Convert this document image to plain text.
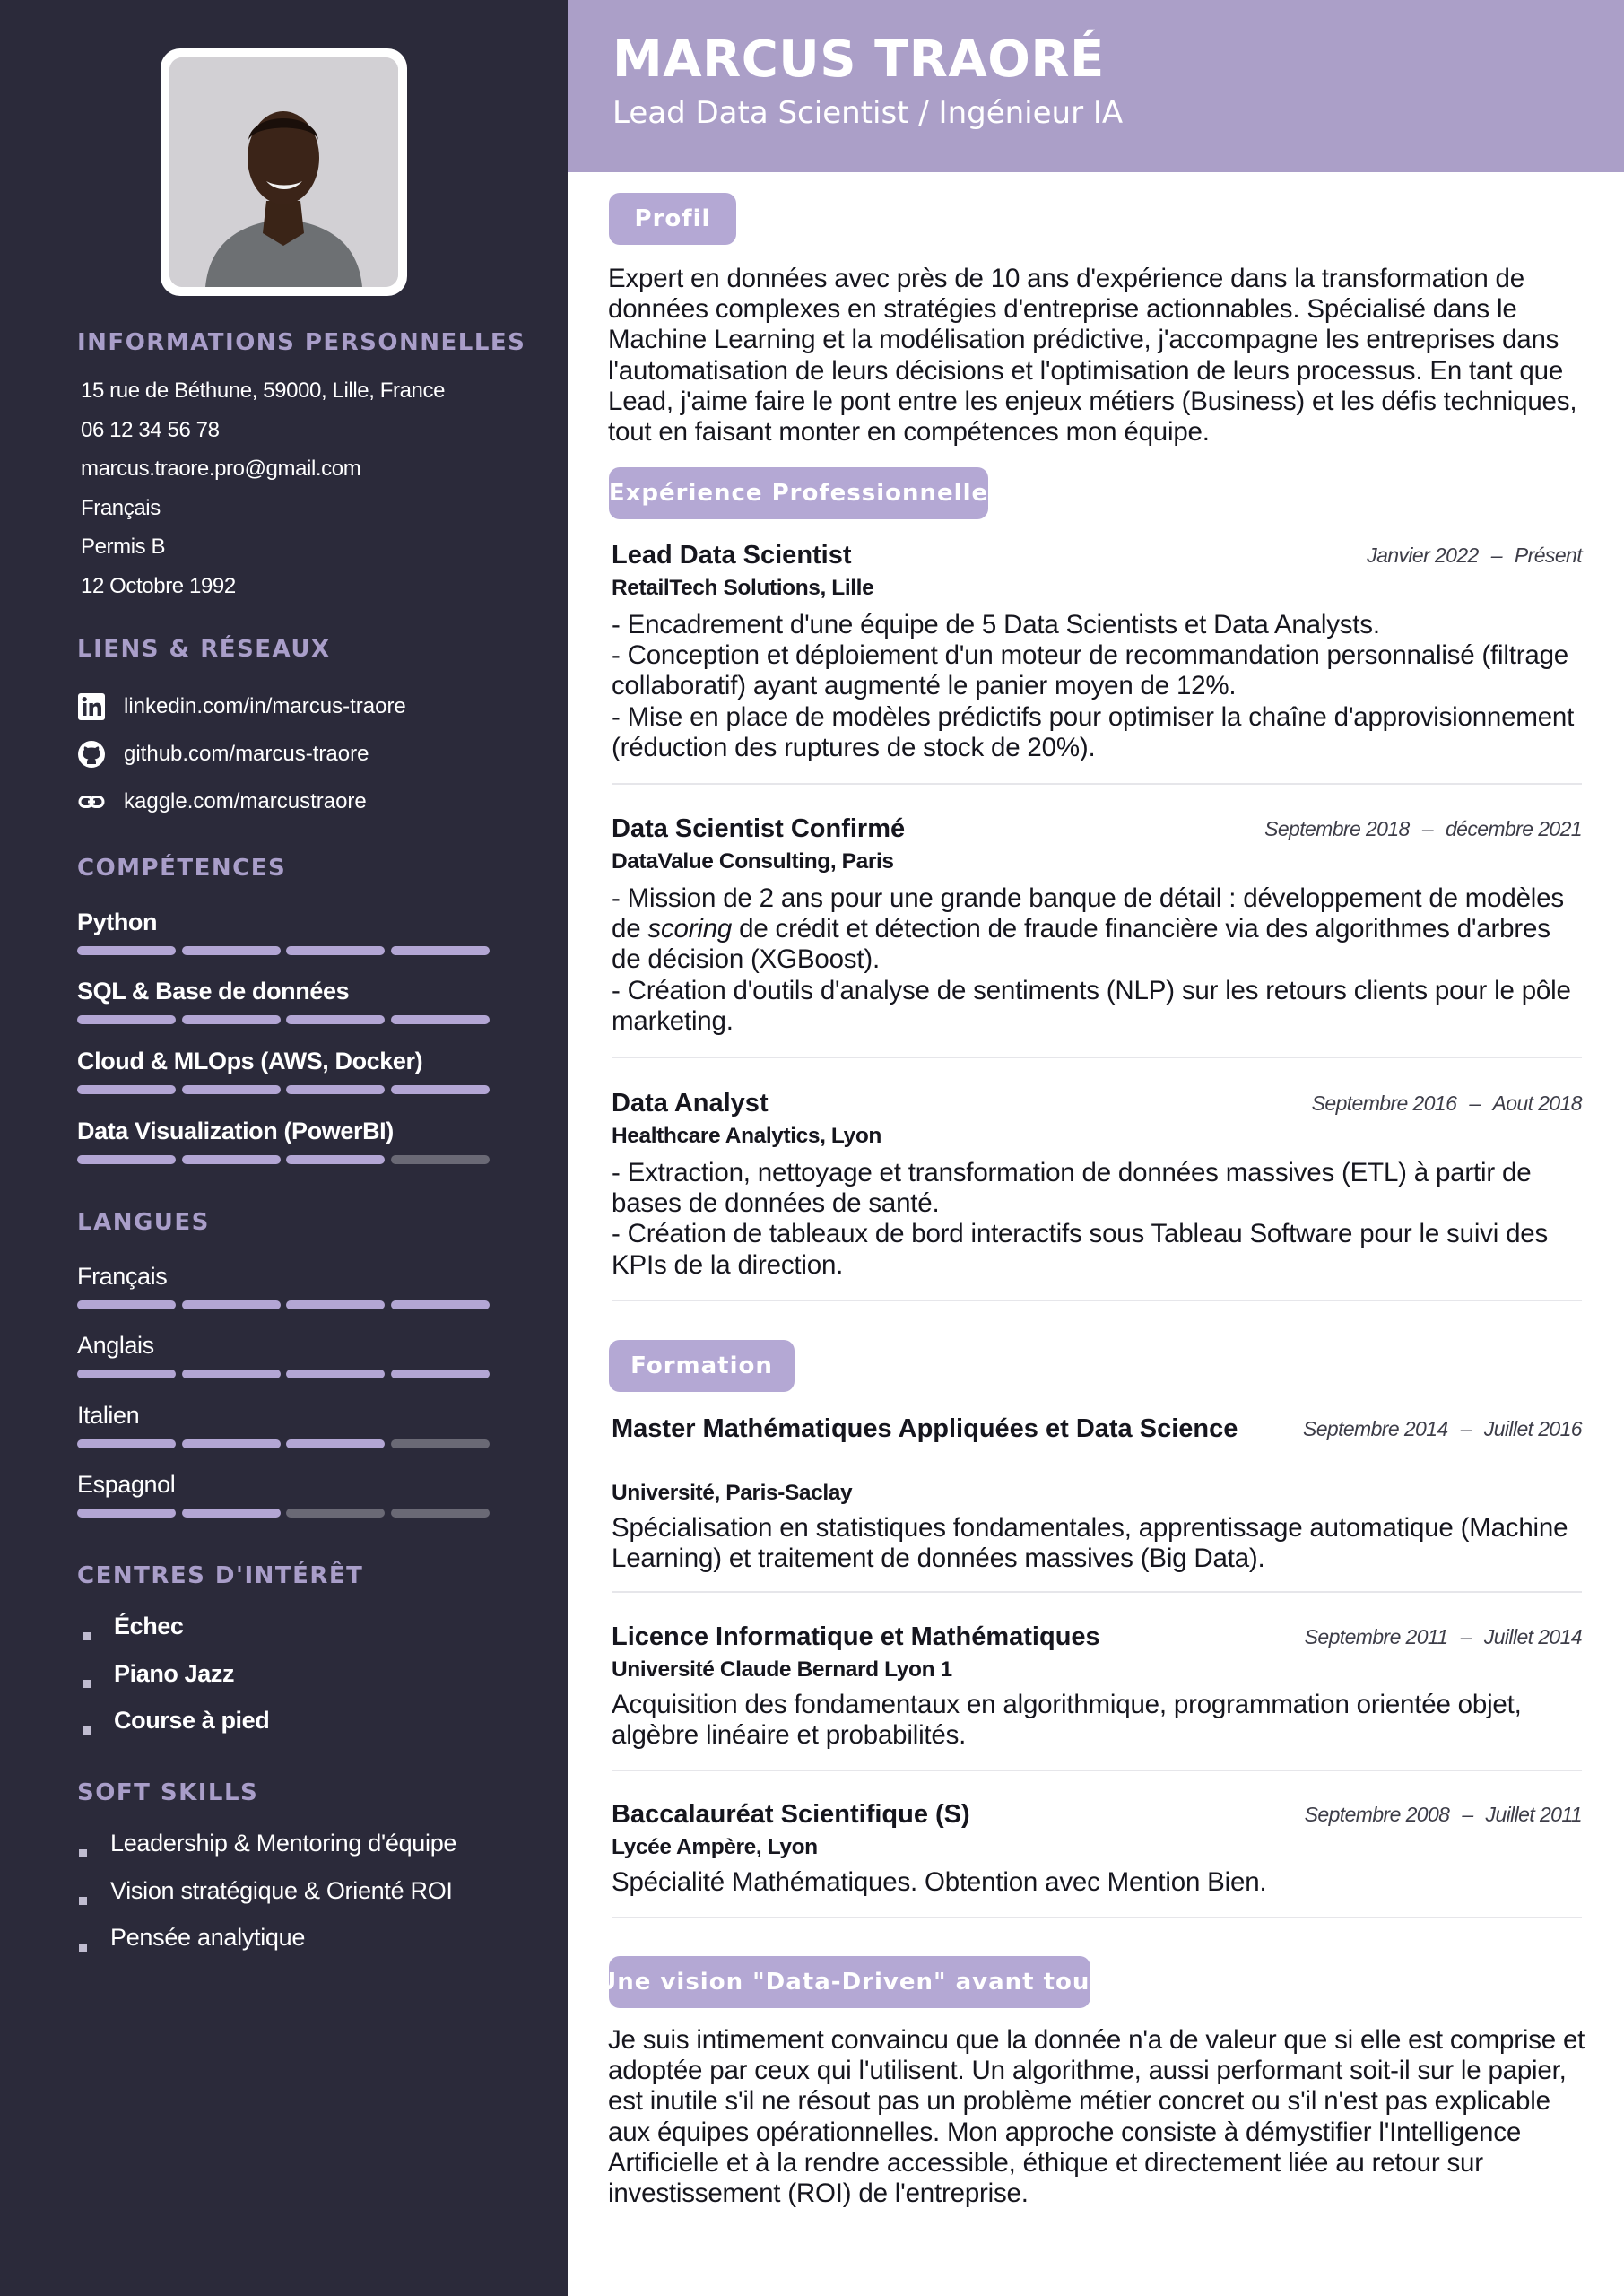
INFORMATIONS PERSONNELLES
15 rue de Béthune, 59000, Lille, France
06 12 34 56 78
marcus.traore.pro@gmail.com
Français
Permis B
12 Octobre 1992
LIENS & RÉSEAUX
linkedin.com/in/marcus-traore
github.com/marcus-traore
kaggle.com/marcustraore
COMPÉTENCES
Python
SQL & Base de données
Cloud & MLOps (AWS, Docker)
Data Visualization (PowerBI)
LANGUES
Français
Anglais
Italien
Espagnol
CENTRES D'INTÉRÊT
Échec
Piano Jazz
Course à pied
SOFT SKILLS
Leadership & Mentoring d'équipe
Vision stratégique & Orienté ROI
Pensée analytique
MARCUS TRAORÉ
Lead Data Scientist / Ingénieur IA
Profil

Expert en données avec près de 10 ans d'expérience dans la transformation de données complexes en stratégies d'entreprise actionnables. Spécialisé dans le Machine Learning et la modélisation prédictive, j'accompagne les entreprises dans l'automatisation de leurs décisions et l'optimisation de leurs processus. En tant que Lead, j'aime faire le pont entre les enjeux métiers (Business) et les défis techniques, tout en faisant monter en compétences mon équipe.

Expérience Professionnelle
Lead Data Scientist	Janvier 2022 – Présent
RetailTech Solutions, Lille
- Encadrement d'une équipe de 5 Data Scientists et Data Analysts.
- Conception et déploiement d'un moteur de recommandation personnalisé (filtrage collaboratif) ayant augmenté le panier moyen de 12%.
- Mise en place de modèles prédictifs pour optimiser la chaîne d'approvisionnement (réduction des ruptures de stock de 20%).
Data Scientist Confirmé	Septembre 2018 – décembre 2021
DataValue Consulting, Paris
- Mission de 2 ans pour une grande banque de détail : développement de modèles de scoring de crédit et détection de fraude financière via des algorithmes d'arbres de décision (XGBoost).
- Création d'outils d'analyse de sentiments (NLP) sur les retours clients pour le pôle marketing.
Data Analyst	Septembre 2016 – Aout 2018
Healthcare Analytics, Lyon
- Extraction, nettoyage et transformation de données massives (ETL) à partir de bases de données de santé.
- Création de tableaux de bord interactifs sous Tableau Software pour le suivi des KPIs de la direction.
Formation
Master Mathématiques Appliquées et Data Science	Septembre 2014 – Juillet 2016
Université, Paris-Saclay
Spécialisation en statistiques fondamentales, apprentissage automatique (Machine Learning) et traitement de données massives (Big Data).
Licence Informatique et Mathématiques	Septembre 2011 – Juillet 2014
Université Claude Bernard Lyon 1
Acquisition des fondamentaux en algorithmique, programmation orientée objet, algèbre linéaire et probabilités.
Baccalauréat Scientifique (S)	Septembre 2008 – Juillet 2011
Lycée Ampère, Lyon
Spécialité Mathématiques. Obtention avec Mention Bien.
Une vision "Data-Driven" avant tout

Je suis intimement convaincu que la donnée n'a de valeur que si elle est comprise et adoptée par ceux qui l'utilisent. Un algorithme, aussi performant soit-il sur le papier, est inutile s'il ne résout pas un problème métier concret ou s'il n'est pas explicable aux équipes opérationnelles. Mon approche consiste à démystifier l'Intelligence Artificielle et à la rendre accessible, éthique et directement liée au retour sur investissement (ROI) de l'entreprise.
